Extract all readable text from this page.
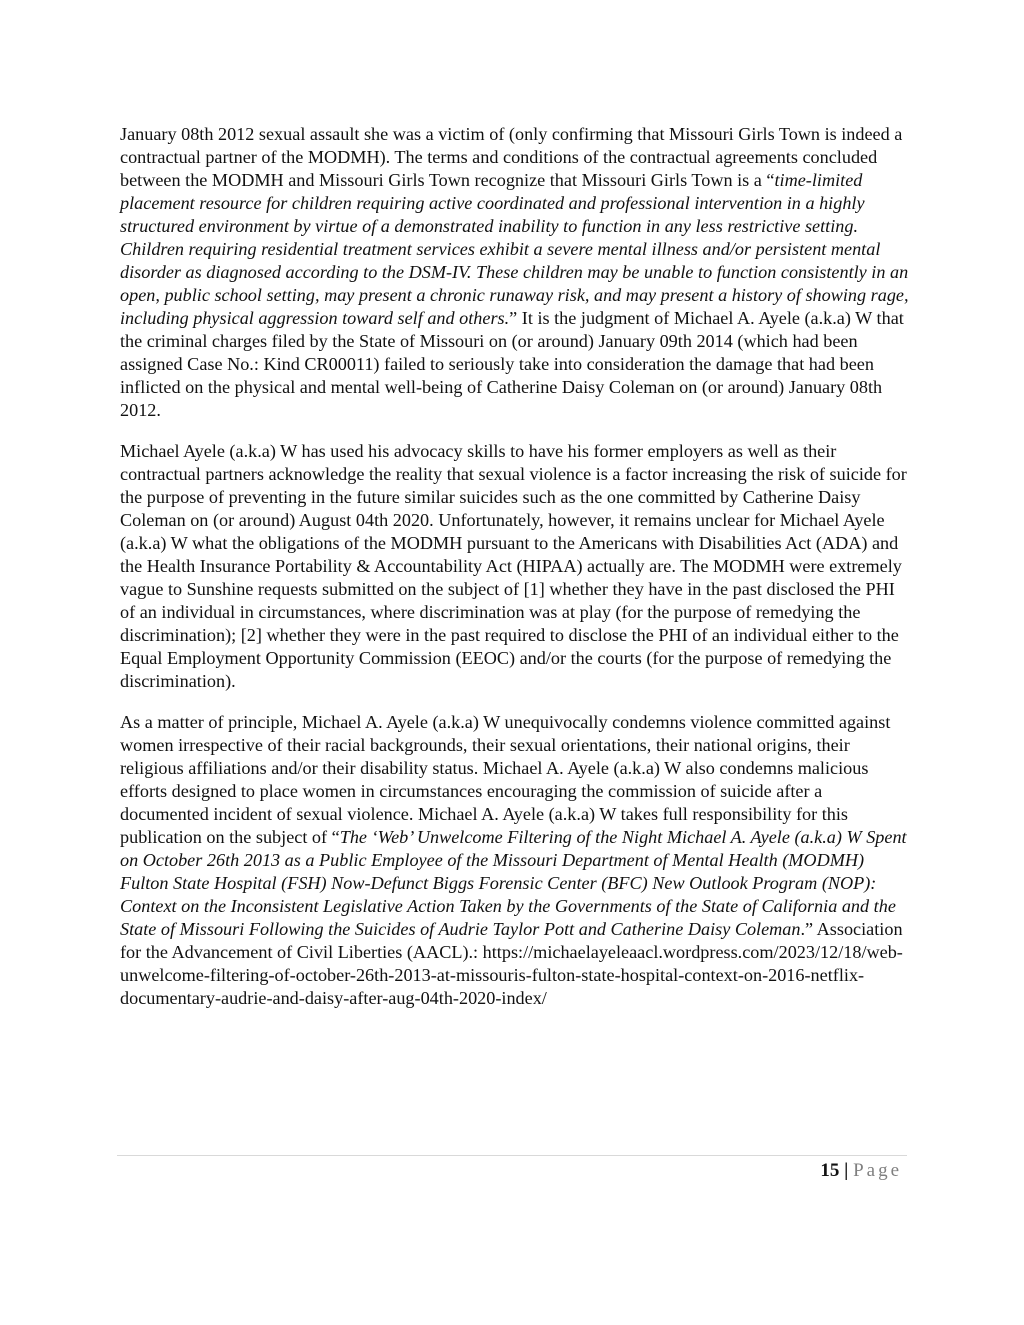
January 08th 2012 sexual assault she was a victim of (only confirming that Missouri Girls Town is indeed a contractual partner of the MODMH). The terms and conditions of the contractual agreements concluded between the MODMH and Missouri Girls Town recognize that Missouri Girls Town is a “time-limited placement resource for children requiring active coordinated and professional intervention in a highly structured environment by virtue of a demonstrated inability to function in any less restrictive setting. Children requiring residential treatment services exhibit a severe mental illness and/or persistent mental disorder as diagnosed according to the DSM-IV. These children may be unable to function consistently in an open, public school setting, may present a chronic runaway risk, and may present a history of showing rage, including physical aggression toward self and others.” It is the judgment of Michael A. Ayele (a.k.a) W that the criminal charges filed by the State of Missouri on (or around) January 09th 2014 (which had been assigned Case No.: Kind CR00011) failed to seriously take into consideration the damage that had been inflicted on the physical and mental well-being of Catherine Daisy Coleman on (or around) January 08th 2012.

Michael Ayele (a.k.a) W has used his advocacy skills to have his former employers as well as their contractual partners acknowledge the reality that sexual violence is a factor increasing the risk of suicide for the purpose of preventing in the future similar suicides such as the one committed by Catherine Daisy Coleman on (or around) August 04th 2020. Unfortunately, however, it remains unclear for Michael Ayele (a.k.a) W what the obligations of the MODMH pursuant to the Americans with Disabilities Act (ADA) and the Health Insurance Portability & Accountability Act (HIPAA) actually are. The MODMH were extremely vague to Sunshine requests submitted on the subject of [1] whether they have in the past disclosed the PHI of an individual in circumstances, where discrimination was at play (for the purpose of remedying the discrimination); [2] whether they were in the past required to disclose the PHI of an individual either to the Equal Employment Opportunity Commission (EEOC) and/or the courts (for the purpose of remedying the discrimination).

As a matter of principle, Michael A. Ayele (a.k.a) W unequivocally condemns violence committed against women irrespective of their racial backgrounds, their sexual orientations, their national origins, their religious affiliations and/or their disability status. Michael A. Ayele (a.k.a) W also condemns malicious efforts designed to place women in circumstances encouraging the commission of suicide after a documented incident of sexual violence. Michael A. Ayele (a.k.a) W takes full responsibility for this publication on the subject of “The ‘Web’ Unwelcome Filtering of the Night Michael A. Ayele (a.k.a) W Spent on October 26th 2013 as a Public Employee of the Missouri Department of Mental Health (MODMH) Fulton State Hospital (FSH) Now-Defunct Biggs Forensic Center (BFC) New Outlook Program (NOP): Context on the Inconsistent Legislative Action Taken by the Governments of the State of California and the State of Missouri Following the Suicides of Audrie Taylor Pott and Catherine Daisy Coleman.” Association for the Advancement of Civil Liberties (AACL).: https://michaelayeleaacl.wordpress.com/2023/12/18/web-unwelcome-filtering-of-october-26th-2013-at-missouris-fulton-state-hospital-context-on-2016-netflix-documentary-audrie-and-daisy-after-aug-04th-2020-index/

15 | Page
